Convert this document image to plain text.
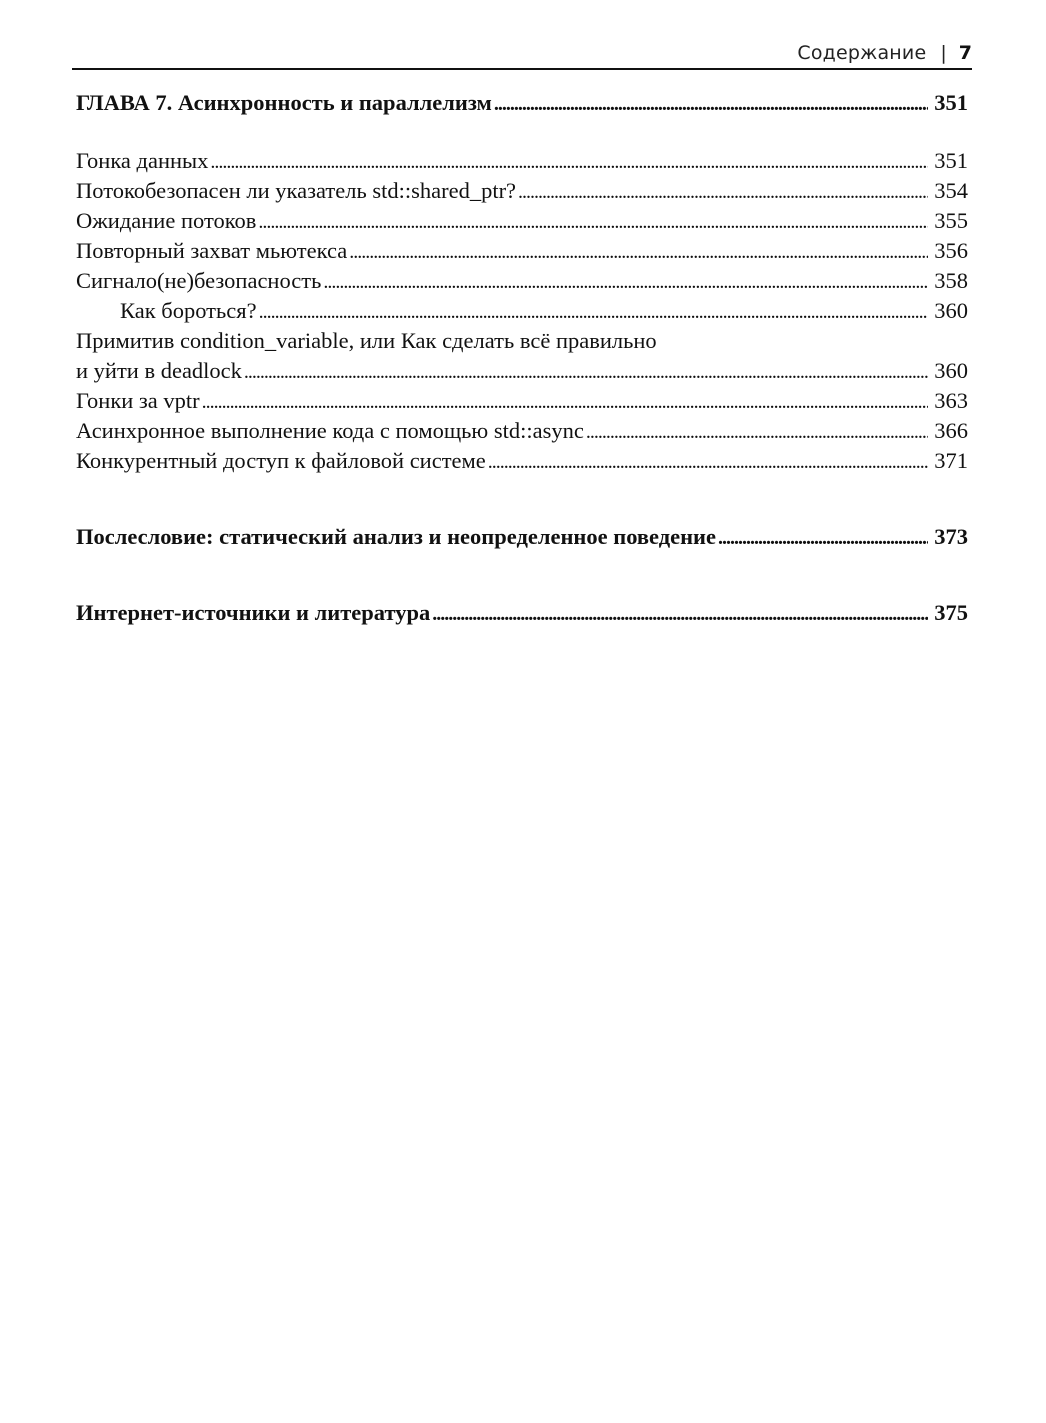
Содержание | 7
ГЛАВА 7. Асинхронность и параллелизм . . .	351
Гонка данных . . .	351
Потокобезопасен ли указатель std::shared_ptr? . . .	354
Ожидание потоков . . .	355
Повторный захват мьютекса . . .	356
Сигнало(не)безопасность . . .	358
Как бороться? . . .	360
Примитив condition_variable, или Как сделать всё правильно
и уйти в deadlock . . .	360
Гонки за vptr . . .	363
Асинхронное выполнение кода с помощью std::async . . .	366
Конкурентный доступ к файловой системе . . .	371
Послесловие: статический анализ и неопределенное поведение . . .	373
Интернет-источники и литература . . .	375
